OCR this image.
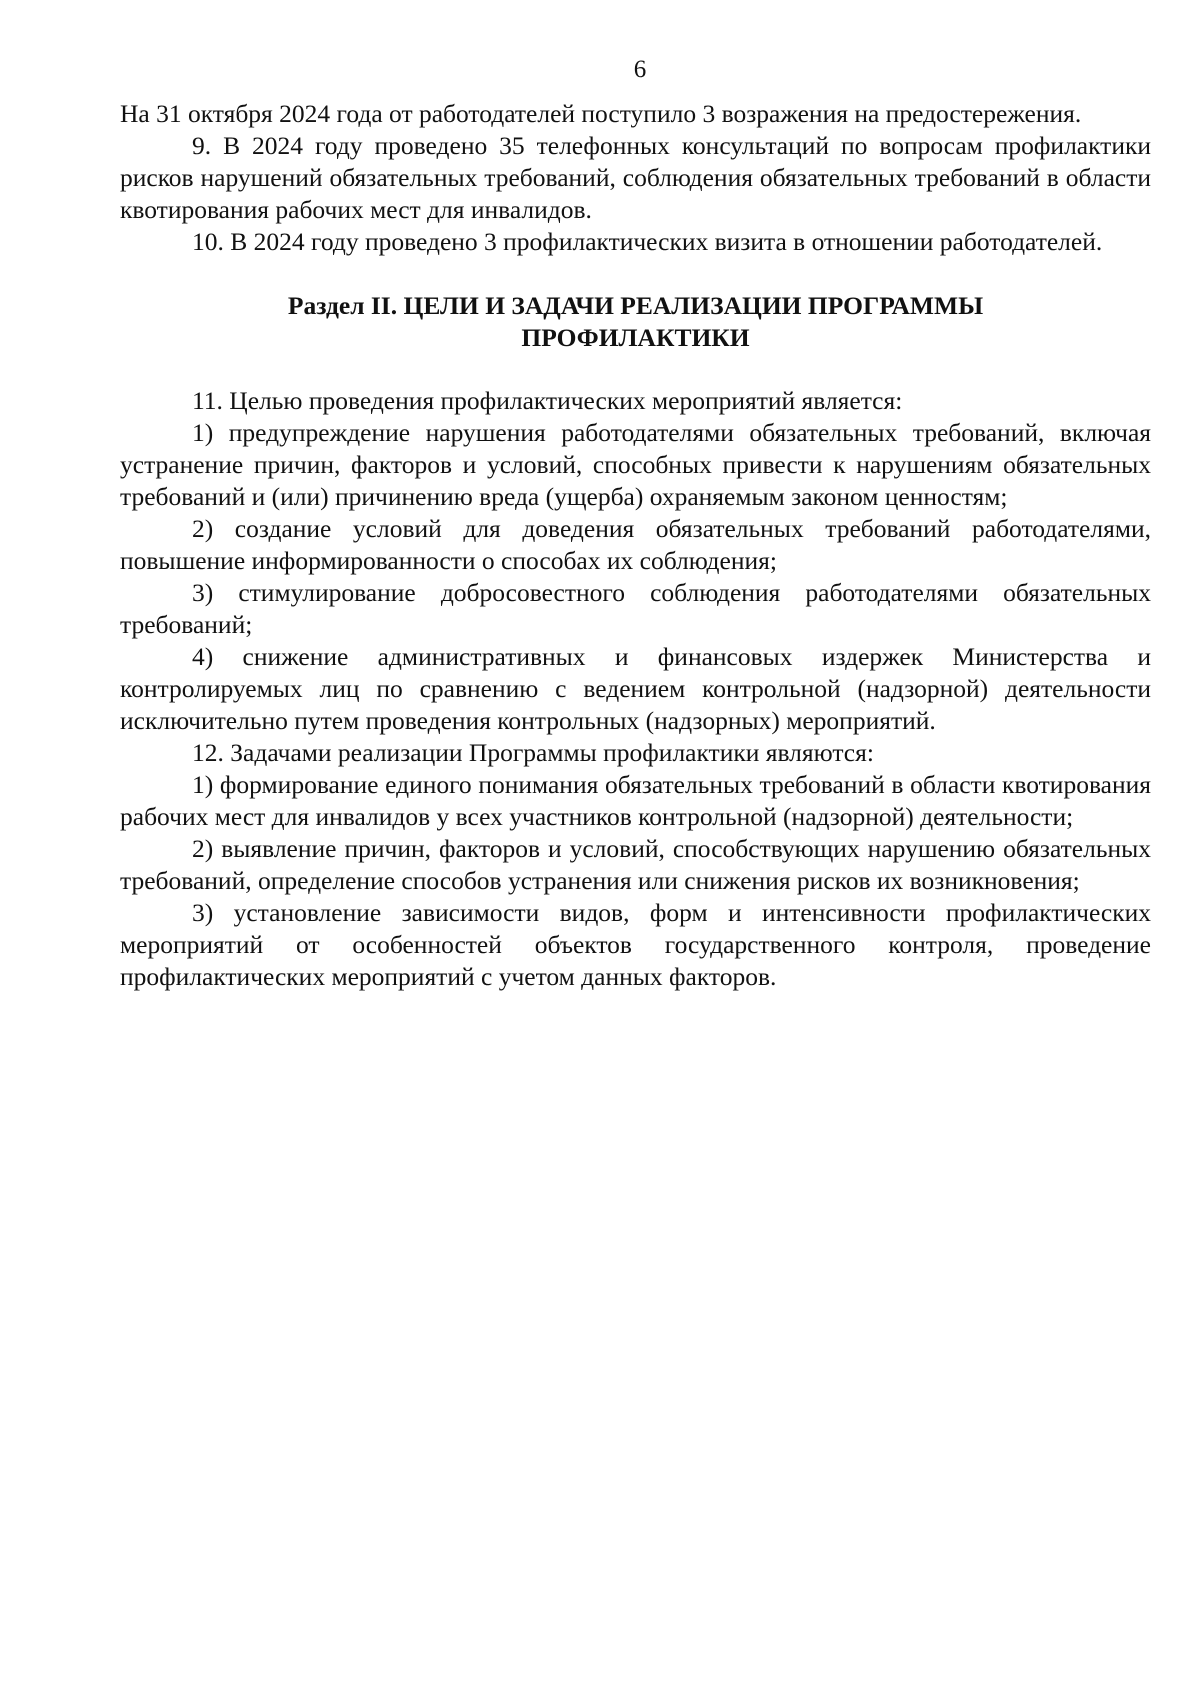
6

На 31 октября 2024 года от работодателей поступило 3 возражения на предостережения.

9. В 2024 году проведено 35 телефонных консультаций по вопросам профилактики рисков нарушений обязательных требований, соблюдения обязательных требований в области квотирования рабочих мест для инвалидов.

10. В 2024 году проведено 3 профилактических визита в отношении работодателей.

Раздел II. ЦЕЛИ И ЗАДАЧИ РЕАЛИЗАЦИИ ПРОГРАММЫ
ПРОФИЛАКТИКИ

11. Целью проведения профилактических мероприятий является:

1) предупреждение нарушения работодателями обязательных требований, включая устранение причин, факторов и условий, способных привести к нарушениям обязательных требований и (или) причинению вреда (ущерба) охраняемым законом ценностям;

2) создание условий для доведения обязательных требований работодателями, повышение информированности о способах их соблюдения;

3) стимулирование добросовестного соблюдения работодателями обязательных требований;

4) снижение административных и финансовых издержек Министерства и контролируемых лиц по сравнению с ведением контрольной (надзорной) деятельности исключительно путем проведения контрольных (надзорных) мероприятий.

12. Задачами реализации Программы профилактики являются:

1) формирование единого понимания обязательных требований в области квотирования рабочих мест для инвалидов у всех участников контрольной (надзорной) деятельности;

2) выявление причин, факторов и условий, способствующих нарушению обязательных требований, определение способов устранения или снижения рисков их возникновения;

3) установление зависимости видов, форм и интенсивности профилактических мероприятий от особенностей объектов государственного контроля, проведение профилактических мероприятий с учетом данных факторов.
